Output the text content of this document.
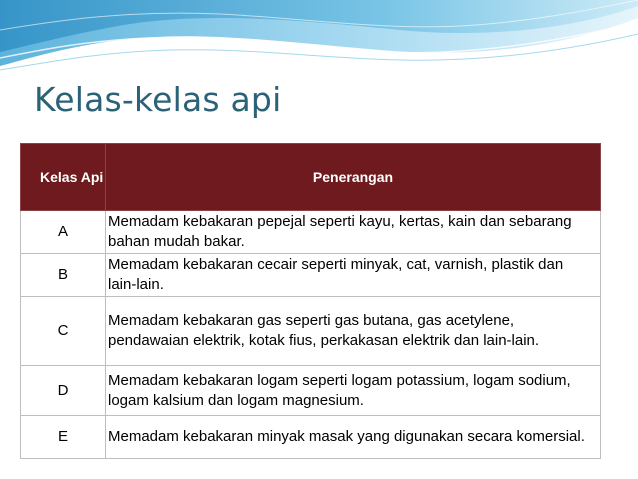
Kelas-kelas api
Kelas Api	Penerangan
A	Memadam kebakaran pepejal seperti kayu, kertas, kain dan sebarang bahan mudah bakar.
B	Memadam kebakaran cecair seperti minyak, cat, varnish, plastik dan lain-lain.
C	Memadam kebakaran gas seperti gas butana, gas acetylene, pendawaian elektrik, kotak fius, perkakasan elektrik dan lain-lain.
D	Memadam kebakaran logam seperti logam potassium, logam sodium, logam kalsium dan logam magnesium.
E	Memadam kebakaran minyak masak yang digunakan secara komersial.
